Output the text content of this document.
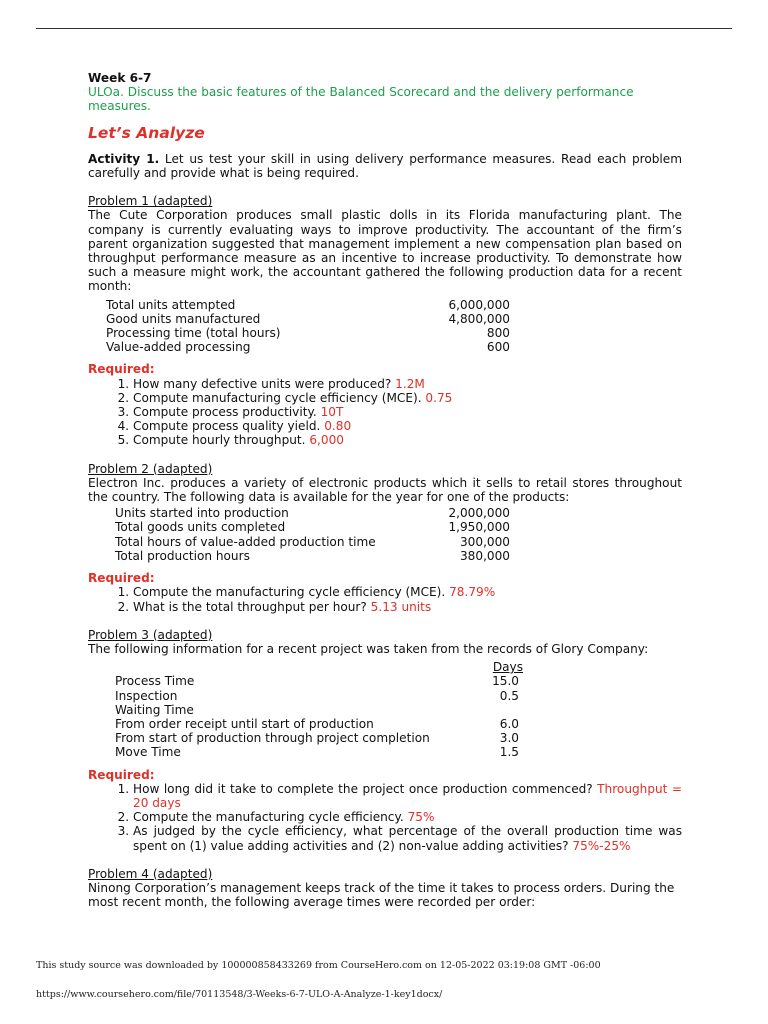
Week 6-7
ULOa. Discuss the basic features of the Balanced Scorecard and the delivery performance measures.
Let’s Analyze
Activity 1. Let us test your skill in using delivery performance measures. Read each problem carefully and provide what is being required.
Problem 1 (adapted)
The Cute Corporation produces small plastic dolls in its Florida manufacturing plant. The company is currently evaluating ways to improve productivity. The accountant of the firm’s parent organization suggested that management implement a new compensation plan based on throughput performance measure as an incentive to increase productivity. To demonstrate how such a measure might work, the accountant gathered the following production data for a recent month:
Total units attempted	6,000,000
Good units manufactured	4,800,000
Processing time (total hours)	800
Value-added processing	600
Required:
1. How many defective units were produced? 1.2M
2. Compute manufacturing cycle efficiency (MCE). 0.75
3. Compute process productivity. 10T
4. Compute process quality yield. 0.80
5. Compute hourly throughput. 6,000
Problem 2 (adapted)
Electron Inc. produces a variety of electronic products which it sells to retail stores throughout the country. The following data is available for the year for one of the products:
Units started into production	2,000,000
Total goods units completed	1,950,000
Total hours of value-added production time	300,000
Total production hours	380,000
Required:
1. Compute the manufacturing cycle efficiency (MCE). 78.79%
2. What is the total throughput per hour? 5.13 units
Problem 3 (adapted)
The following information for a recent project was taken from the records of Glory Company:
	Days
Process Time	15.0
Inspection	0.5
Waiting Time	
From order receipt until start of production	6.0
From start of production through project completion	3.0
Move Time	1.5
Required:
1. How long did it take to complete the project once production commenced? Throughput = 20 days
2. Compute the manufacturing cycle efficiency. 75%
3. As judged by the cycle efficiency, what percentage of the overall production time was spent on (1) value adding activities and (2) non-value adding activities? 75%-25%
Problem 4 (adapted)
Ninong Corporation’s management keeps track of the time it takes to process orders. During the most recent month, the following average times were recorded per order:
This study source was downloaded by 100000858433269 from CourseHero.com on 12-05-2022 03:19:08 GMT -06:00
https://www.coursehero.com/file/70113548/3-Weeks-6-7-ULO-A-Analyze-1-key1docx/
